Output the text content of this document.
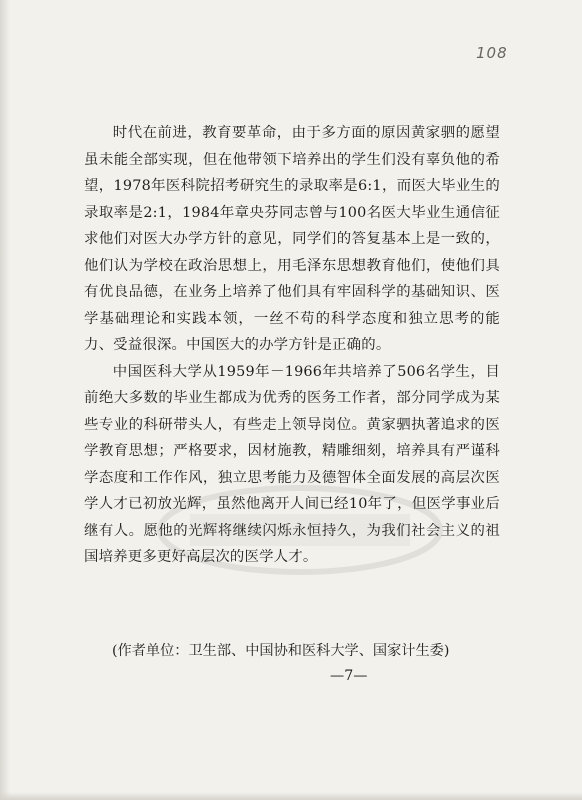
108

时代在前进，教育要革命，由于多方面的原因黄家驷的愿望虽未能全部实现，但在他带领下培养出的学生们没有辜负他的希望，1978年医科院招考研究生的录取率是6:1，而医大毕业生的录取率是2:1，1984年章央芬同志曾与100名医大毕业生通信征求他们对医大办学方针的意见，同学们的答复基本上是一致的，他们认为学校在政治思想上，用毛泽东思想教育他们，使他们具有优良品德，在业务上培养了他们具有牢固科学的基础知识、医学基础理论和实践本领，一丝不苟的科学态度和独立思考的能力、受益很深。中国医大的办学方针是正确的。

中国医科大学从1959年－1966年共培养了506名学生，目前绝大多数的毕业生都成为优秀的医务工作者，部分同学成为某些专业的科研带头人，有些走上领导岗位。黄家驷执著追求的医学教育思想；严格要求，因材施教，精雕细刻，培养具有严谨科学态度和工作作风，独立思考能力及德智体全面发展的高层次医学人才已初放光辉，虽然他离开人间已经10年了，但医学事业后继有人。愿他的光辉将继续闪烁永恒持久，为我们社会主义的祖国培养更多更好高层次的医学人才。

(作者单位：卫生部、中国协和医科大学、国家计生委)
—7—
